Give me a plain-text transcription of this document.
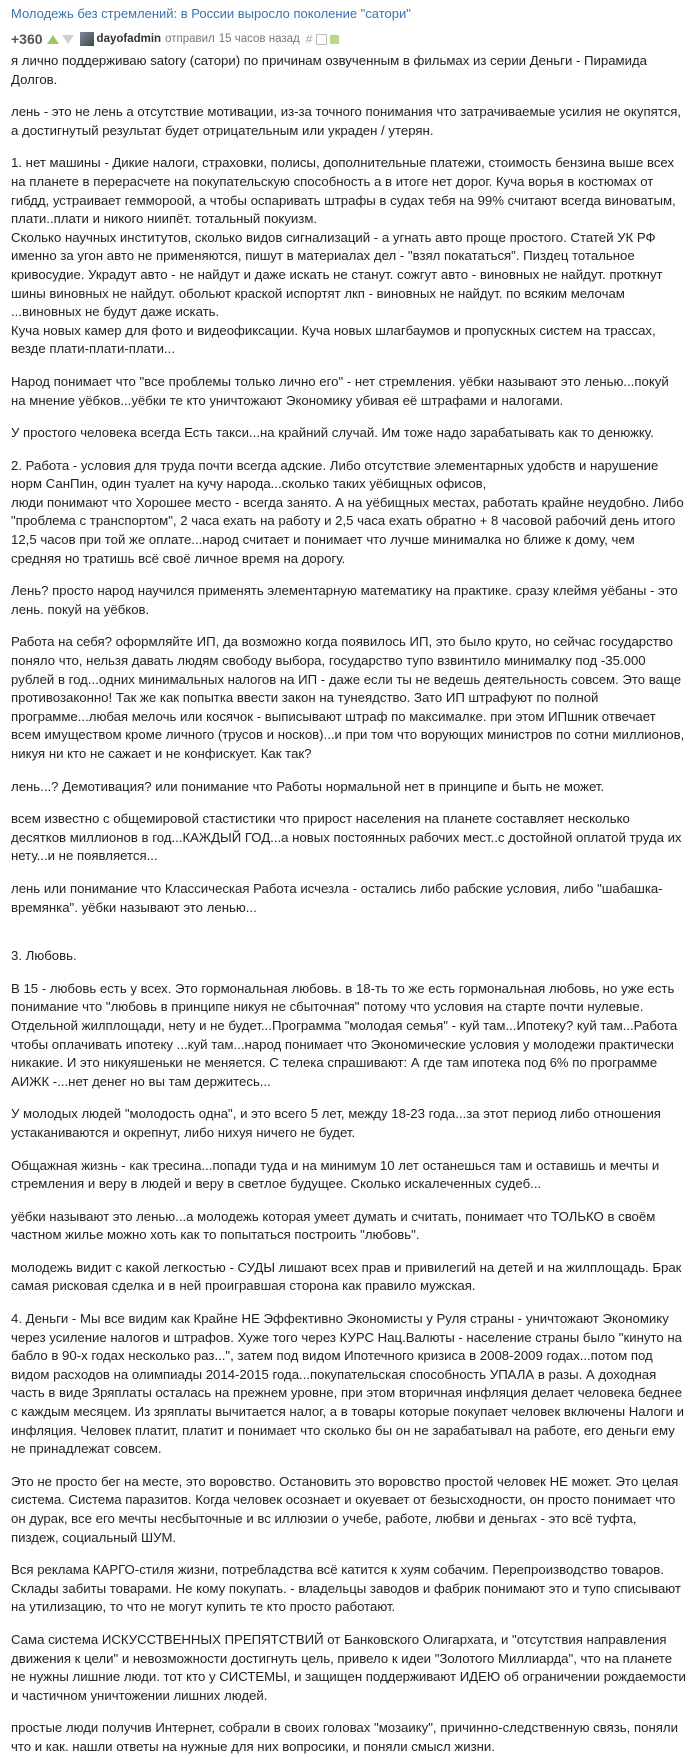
Молодежь без стремлений: в России выросло поколение "сатори"
+360	dayofadmin отправил 15 часов назад #

я лично поддерживаю satory (сатори) по причинам озвученным в фильмах из серии Деньги - Пирамида Долгов.

лень - это не лень а отсутствие мотивации, из-за точного понимания что затрачиваемые усилия не окупятся, а достигнутый результат будет отрицательным или украден / утерян.

1. нет машины - Дикие налоги, страховки, полисы, дополнительные платежи, стоимость бензина выше всех на планете в перерасчете на покупательскую способность а в итоге нет дорог. Куча ворья в костюмах от гибдд, устраивает геммороой, а чтобы оспаривать штрафы в судах тебя на 99% считают всегда виноватым, плати..плати и никого ниипёт. тотальный покуизм.
Сколько научных институтов, сколько видов сигнализаций - а угнать авто проще простого. Статей УК РФ именно за угон авто не применяются, пишут в материалах дел - "взял покататься". Пиздец тотальное кривосудие. Украдут авто - не найдут и даже искать не станут. сожгут авто - виновных не найдут. проткнут шины виновных не найдут. обольют краской испортят лкп - виновных не найдут. по всяким мелочам ...виновных не будут даже искать.
Куча новых камер для фото и видеофиксации. Куча новых шлагбаумов и пропускных систем на трассах, везде плати-плати-плати...

Народ понимает что "все проблемы только лично его" - нет стремления. уёбки называют это ленью...покуй на мнение уёбков...уёбки те кто уничтожают Экономику убивая её штрафами и налогами.

У простого человека всегда Есть такси...на крайний случай. Им тоже надо зарабатывать как то денюжку.

2. Работа - условия для труда почти всегда адские. Либо отсутствие элементарных удобств и нарушение норм СанПин, один туалет на кучу народа...сколько таких уёбищных офисов,
люди понимают что Хорошее место - всегда занято. А на уёбищных местах, работать крайне неудобно. Либо "проблема с транспортом", 2 часа ехать на работу и 2,5 часа ехать обратно + 8 часовой рабочий день итого 12,5 часов при той же оплате...народ считает и понимает что лучше минималка но ближе к дому, чем средняя но тратишь всё своё личное время на дорогу.

Лень? просто народ научился применять элементарную математику на практике. сразу клеймя уёбаны - это лень. покуй на уёбков.

Работа на себя? оформляйте ИП, да возможно когда появилось ИП, это было круто, но сейчас государство поняло что, нельзя давать людям свободу выбора, государство тупо взвинтило минималку под -35.000 рублей в год...одних минимальных налогов на ИП - даже если ты не ведешь деятельность совсем. Это ваще противозаконно! Так же как попытка ввести закон на тунеядство. Зато ИП штрафуют по полной программе...любая мелочь или косячок - выписывают штраф по максималке. при этом ИПшник отвечает всем имуществом кроме личного (трусов и носков)...и при том что ворующих министров по сотни миллионов, никуя ни кто не сажает и не конфискует. Как так?

лень...? Демотивация? или понимание что Работы нормальной нет в принципе и быть не может.

всем известно с общемировой стастистики что прирост населения на планете составляет несколько десятков миллионов в год...КАЖДЫЙ ГОД...а новых постоянных рабочих мест..с достойной оплатой труда их нету...и не появляется...

лень или понимание что Классическая Работа исчезла - остались либо рабские условия, либо "шабашка-времянка". уёбки называют это ленью...

3. Любовь.

В 15 - любовь есть у всех. Это гормональная любовь. в 18-ть то же есть гормональная любовь, но уже есть понимание что "любовь в принципе никуя не сбыточная" потому что условия на старте почти нулевые. Отдельной жилплощади, нету и не будет...Программа "молодая семья" - куй там...Ипотеку? куй там...Работа чтобы оплачивать ипотеку ...куй там...народ понимает что Экономические условия у молодежи практически никакие. И это никуяшеньки не меняется. С телека спрашивают: А где там ипотека под 6% по программе АИЖК -...нет денег но вы там держитесь...

У молодых людей "молодость одна", и это всего 5 лет, между 18-23 года...за этот период либо отношения устаканиваются и окрепнут, либо нихуя ничего не будет.

Общажная жизнь - как тресина...попади туда и на минимум 10 лет останешься там и оставишь и мечты и стремления и веру в людей и веру в светлое будущее. Сколько искалеченных судеб...

уёбки называют это ленью...а молодежь которая умеет думать и считать, понимает что ТОЛЬКО в своём частном жилье можно хоть как то попытаться построить "любовь".

молодежь видит с какой легкостью - СУДЫ лишают всех прав и привилегий на детей и на жилплощадь. Брак самая рисковая сделка и в ней проигравшая сторона как правило мужская.

4. Деньги - Мы все видим как Крайне НЕ Эффективно Экономисты у Руля страны - уничтожают Экономику через усиление налогов и штрафов. Хуже того через КУРС Нац.Валюты - население страны было "кинуто на бабло в 90-х годах несколько раз...", затем под видом Ипотечного кризиса в 2008-2009 годах...потом под видом расходов на олимпиады 2014-2015 года...покупательская способность УПАЛА в разы. А доходная часть в виде Зряплаты осталась на прежнем уровне, при этом вторичная инфляция делает человека беднее с каждым месяцем. Из зряплаты вычитается налог, а в товары которые покупает человек включены Налоги и инфляция. Человек платит, платит и понимает что сколько бы он не зарабатывал на работе, его деньги ему не принадлежат совсем.

Это не просто бег на месте, это воровство. Остановить это воровство простой человек НЕ может. Это целая система. Система паразитов. Когда человек осознает и окуевает от безысходности, он просто понимает что он дурак, все его мечты несбыточные и вс иллюзии о учебе, работе, любви и деньгах - это всё туфта, пиздеж, социальный ШУМ.

Вся реклама КАРГО-стиля жизни, потребладства всё катится к хуям собачим. Перепроизводство товаров. Склады забиты товарами. Не кому покупать. - владельцы заводов и фабрик понимают это и тупо списывают на утилизацию, то что не могут купить те кто просто работают.

Сама система ИСКУССТВЕННЫХ ПРЕПЯТСТВИЙ от Банковского Олигархата, и "отсутствия направления движения к цели" и невозможности достигнуть цель, привело к идеи "Золотого Миллиарда", что на планете не нужны лишние люди. тот кто у СИСТЕМЫ, и защищен поддерживают ИДЕЮ об ограничении рождаемости и частичном уничтожении лишних людей.

простые люди получив Интернет, собрали в своих головах "мозаику", причинно-следственную связь, поняли что и как. нашли ответы на нужные для них вопросики, и поняли смысл жизни.
